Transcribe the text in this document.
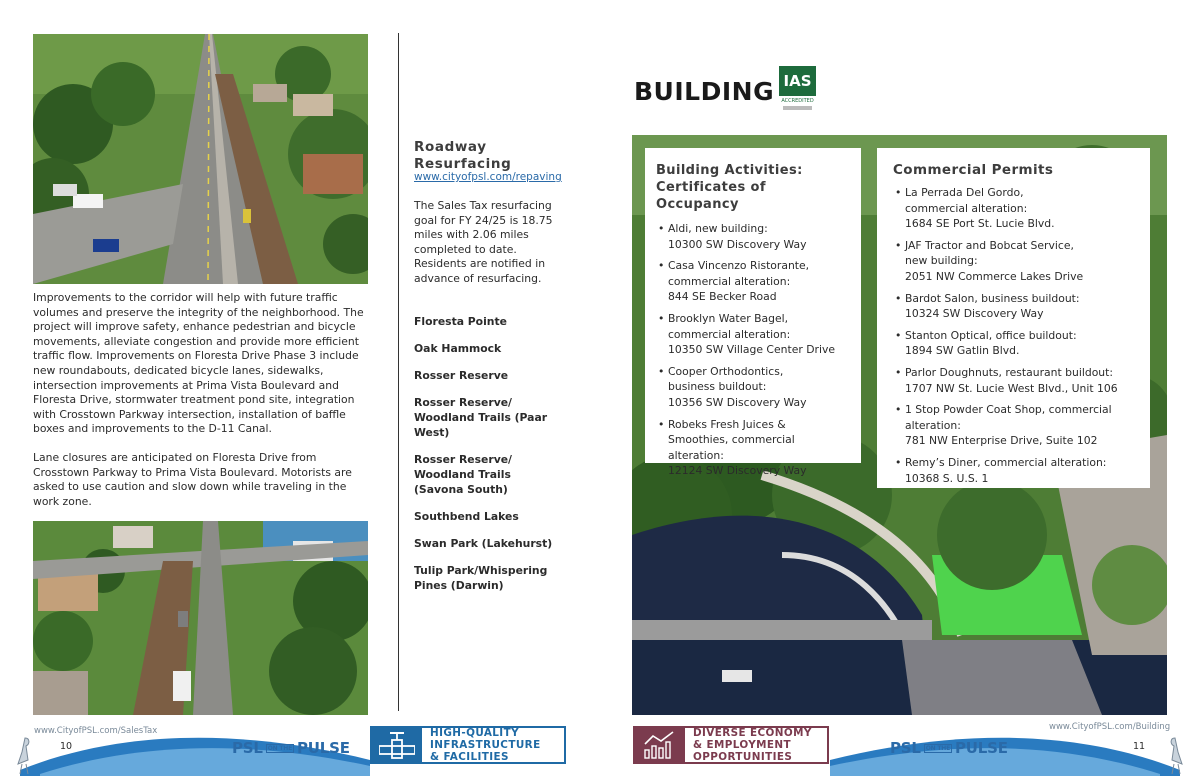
Improvements to the corridor will help with future traffic volumes and preserve the integrity of the neighborhood. The project will improve safety, enhance pedestrian and bicycle movements, alleviate congestion and provide more efficient traffic flow. Improvements on Floresta Drive Phase 3 include new roundabouts, dedicated bicycle lanes, sidewalks, intersection improvements at Prima Vista Boulevard and Floresta Drive, stormwater treatment pond site, integration with Crosstown Parkway intersection, installation of baffle boxes and improvements to the D-11 Canal.
Lane closures are anticipated on Floresta Drive from Crosstown Parkway to Prima Vista Boulevard. Motorists are asked to use caution and slow down while traveling in the work zone.
www.CityofPSL.com/SalesTax
10	PSL ON THE PULSE
Roadway
Resurfacing
www.cityofpsl.com/repaving
The Sales Tax resurfacing goal for FY 24/25 is 18.75 miles with 2.06 miles completed to date. Residents are notified in advance of resurfacing.
Floresta Pointe
Oak Hammock
Rosser Reserve
Rosser Reserve/ Woodland Trails (Paar West)
Rosser Reserve/ Woodland Trails (Savona South)
Southbend Lakes
Swan Park (Lakehurst)
Tulip Park/Whispering Pines (Darwin)
HIGH-QUALITY
INFRASTRUCTURE
& FACILITIES
BUILDING IAS
ACCREDITED
Building Activities:
Certificates of Occupancy
• Aldi, new building:
10300 SW Discovery Way
• Casa Vincenzo Ristorante,
commercial alteration:
844 SE Becker Road
• Brooklyn Water Bagel,
commercial alteration:
10350 SW Village Center Drive
• Cooper Orthodontics,
business buildout:
10356 SW Discovery Way
• Robeks Fresh Juices &
Smoothies, commercial
alteration:
12124 SW Discovery Way
Commercial Permits
• La Perrada Del Gordo,
commercial alteration:
1684 SE Port St. Lucie Blvd.
• JAF Tractor and Bobcat Service,
new building:
2051 NW Commerce Lakes Drive
• Bardot Salon, business buildout:
10324 SW Discovery Way
• Stanton Optical, office buildout:
1894 SW Gatlin Blvd.
• Parlor Doughnuts, restaurant buildout:
1707 NW St. Lucie West Blvd., Unit 106
• 1 Stop Powder Coat Shop, commercial
alteration:
781 NW Enterprise Drive, Suite 102
• Remy’s Diner, commercial alteration:
10368 S. U.S. 1
DIVERSE ECONOMY
& EMPLOYMENT
OPPORTUNITIES	PSL ON THE PULSE
www.CityofPSL.com/Building
11
